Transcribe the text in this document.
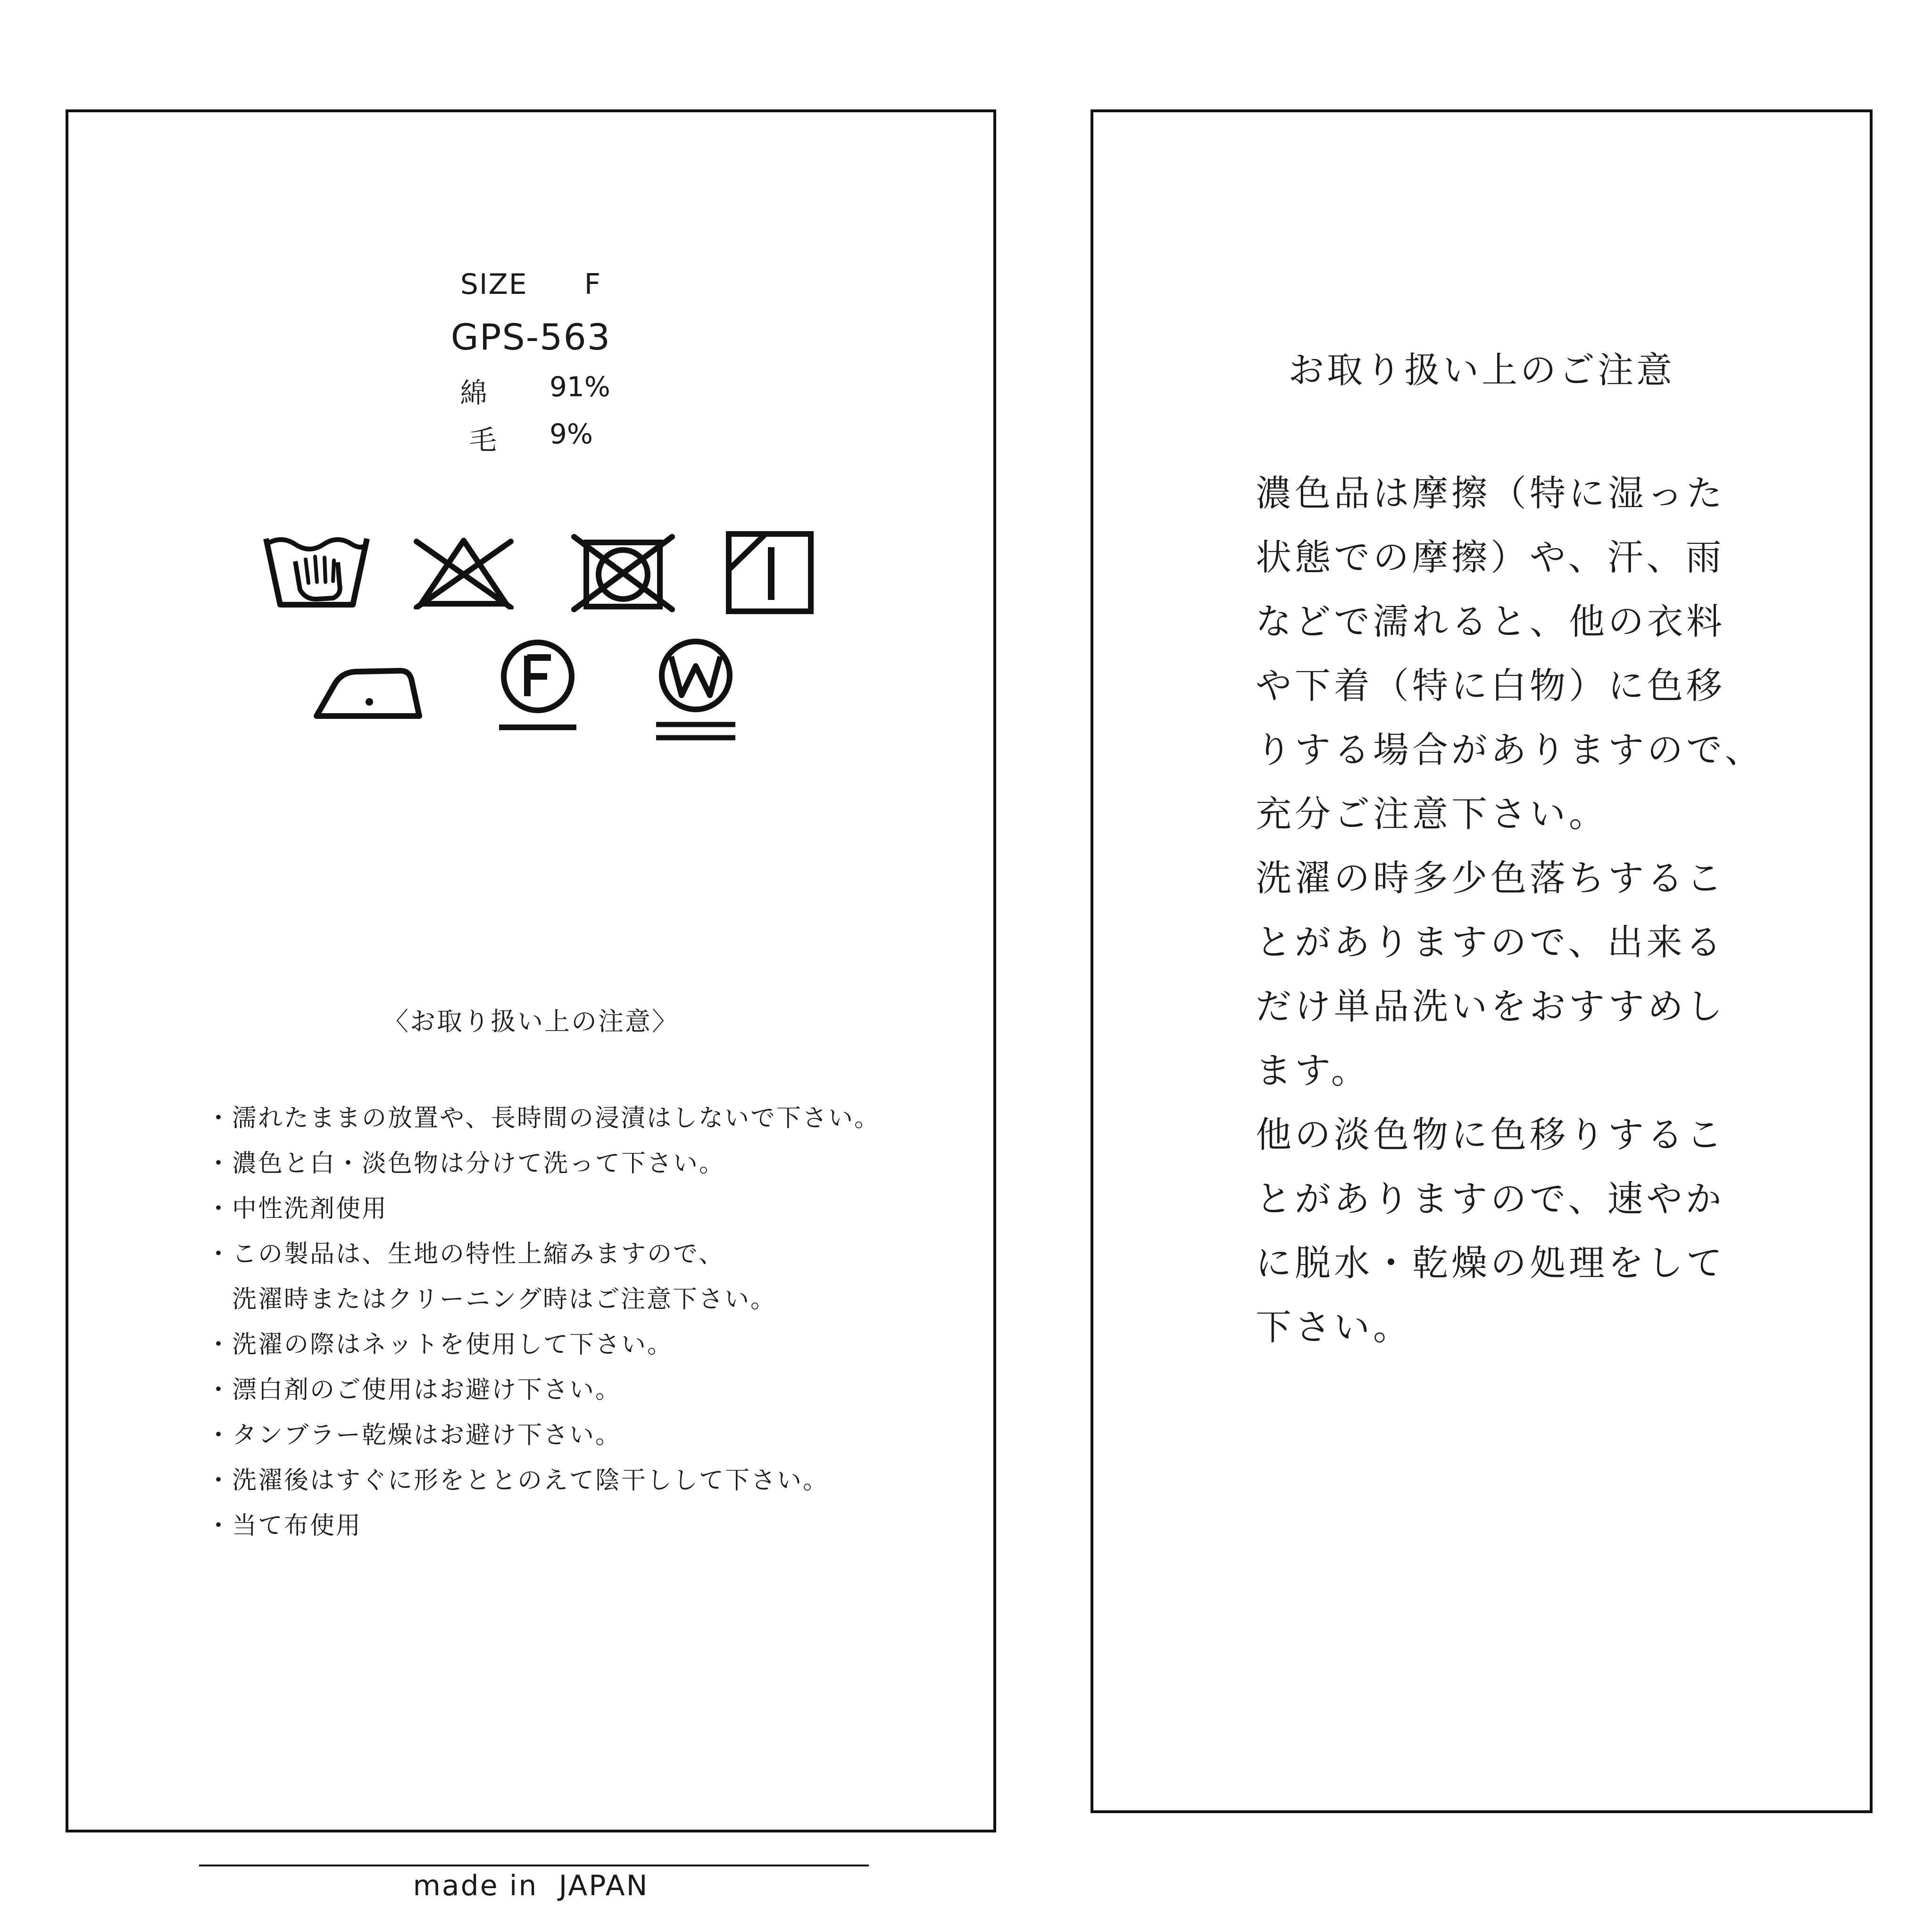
SIZE F
GPS-563
綿 91%
毛 9%
〈お取り扱い上の注意〉
・濡れたままの放置や、長時間の浸漬はしないで下さい。
・濃色と白・淡色物は分けて洗って下さい。
・中性洗剤使用
・この製品は、生地の特性上縮みますので、
　洗濯時またはクリーニング時はご注意下さい。
・洗濯の際はネットを使用して下さい。
・漂白剤のご使用はお避け下さい。
・タンブラー乾燥はお避け下さい。
・洗濯後はすぐに形をととのえて陰干しして下さい。
・当て布使用
made in  JAPAN
お取り扱い上のご注意
濃色品は摩擦（特に湿った
状態での摩擦）や、汗、雨
などで濡れると、他の衣料
や下着（特に白物）に色移
りする場合がありますので、
充分ご注意下さい。
洗濯の時多少色落ちするこ
とがありますので、出来る
だけ単品洗いをおすすめし
ます。
他の淡色物に色移りするこ
とがありますので、速やか
に脱水・乾燥の処理をして
下さい。
